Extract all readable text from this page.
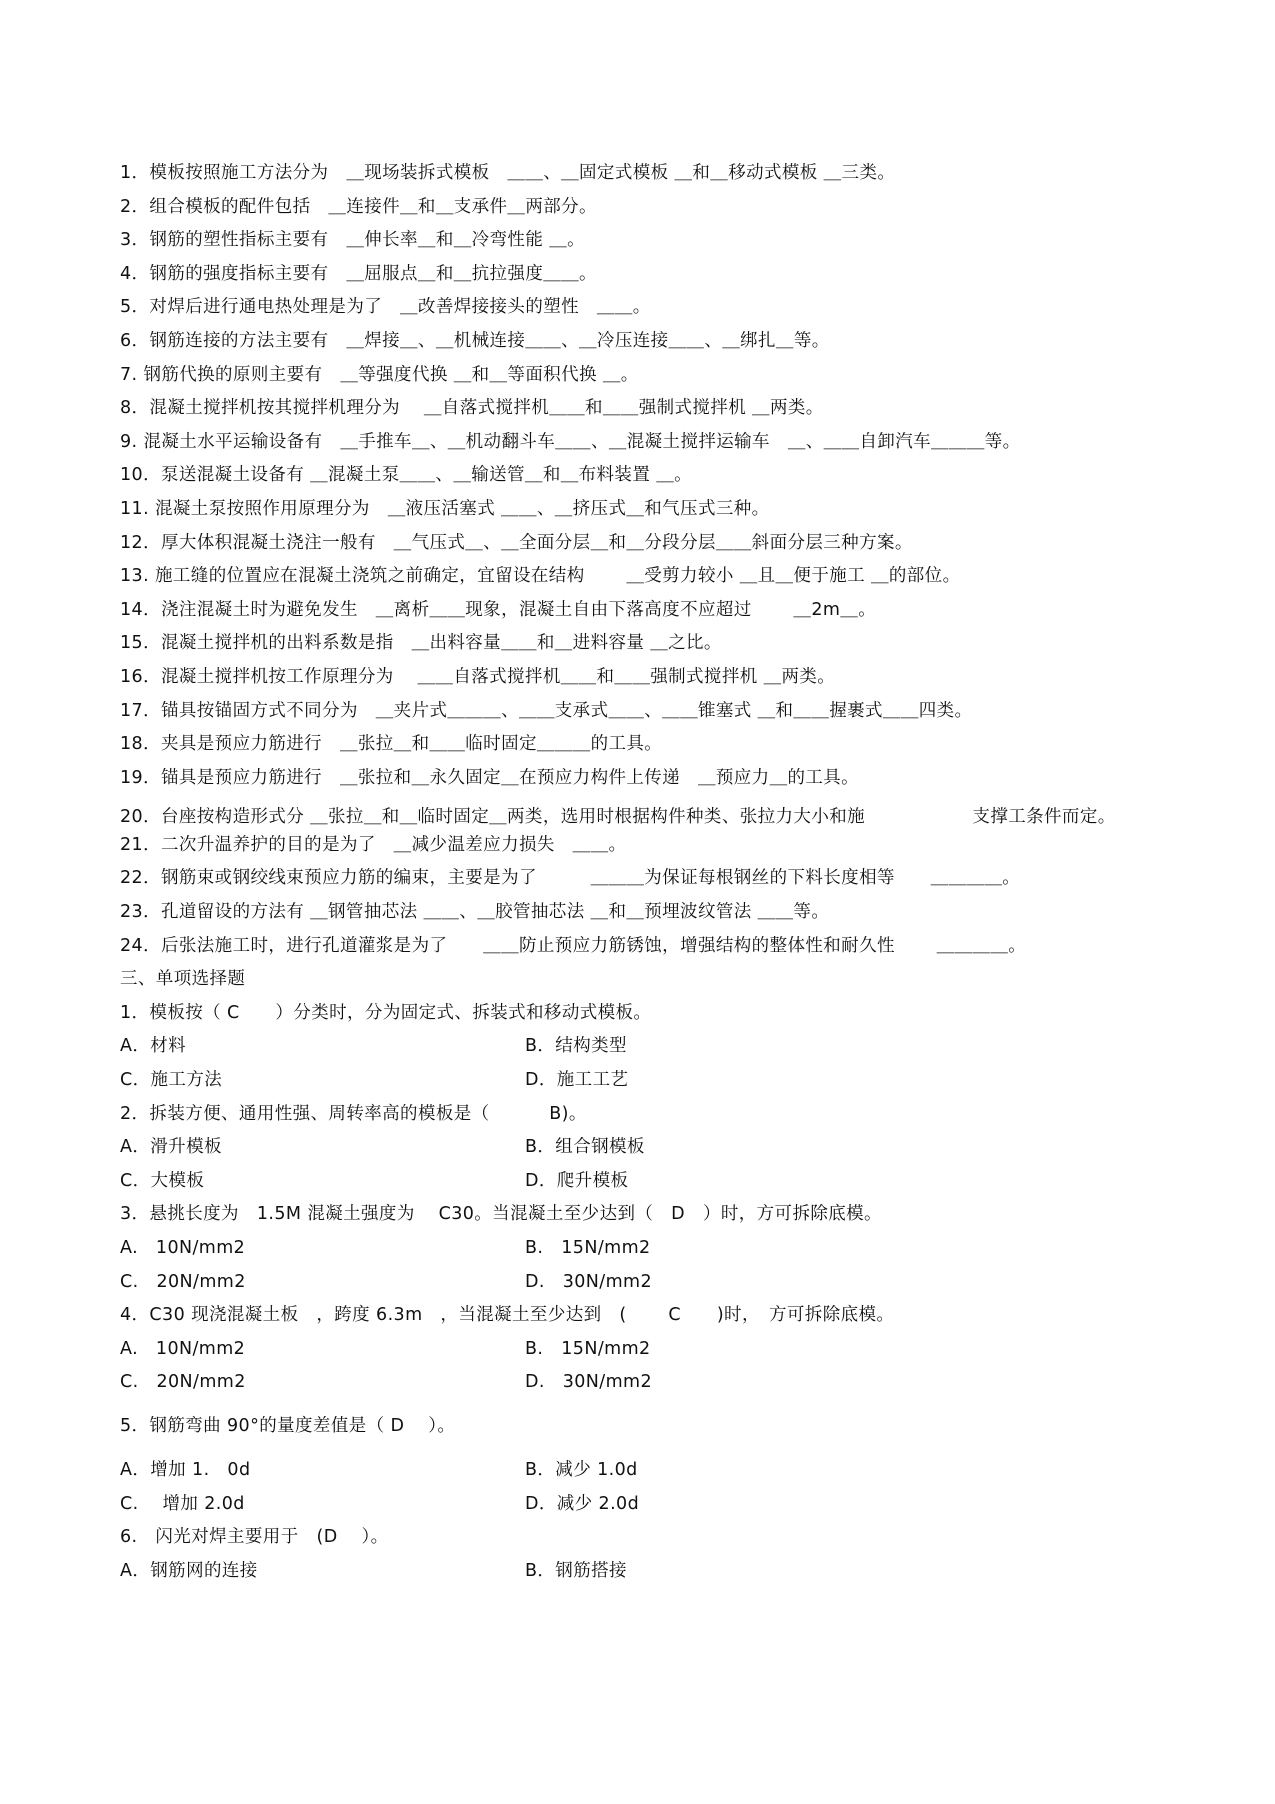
1．模板按照施工方法分为　＿现场装拆式模板　＿＿、＿固定式模板 ＿和＿移动式模板 ＿三类。
2．组合模板的配件包括　＿连接件＿和＿支承件＿两部分。
3．钢筋的塑性指标主要有　＿伸长率＿和＿冷弯性能 ＿。
4．钢筋的强度指标主要有　＿屈服点＿和＿抗拉强度＿＿。
5．对焊后进行通电热处理是为了　＿改善焊接接头的塑性　＿＿。
6．钢筋连接的方法主要有　＿焊接＿、＿机械连接＿＿、＿冷压连接＿＿、＿绑扎＿等。
7. 钢筋代换的原则主要有　＿等强度代换 ＿和＿等面积代换 ＿。
8．混凝土搅拌机按其搅拌机理分为　 ＿自落式搅拌机＿＿和＿＿强制式搅拌机 ＿两类。
9. 混凝土水平运输设备有　＿手推车＿、＿机动翻斗车＿＿、＿混凝土搅拌运输车　＿、＿＿自卸汽车＿＿＿等。
10．泵送混凝土设备有 ＿混凝土泵＿＿、＿输送管＿和＿布料装置 ＿。
11. 混凝土泵按照作用原理分为　＿液压活塞式 ＿＿、＿挤压式＿和气压式三种。
12．厚大体积混凝土浇注一般有　＿气压式＿、＿全面分层＿和＿分段分层＿＿斜面分层三种方案。
13. 施工缝的位置应在混凝土浇筑之前确定，宜留设在结构　　 ＿受剪力较小 ＿且＿便于施工 ＿的部位。
14．浇注混凝土时为避免发生　＿离析＿＿现象，混凝土自由下落高度不应超过　　 ＿2m＿。
15．混凝土搅拌机的出料系数是指　＿出料容量＿＿和＿进料容量 ＿之比。
16．混凝土搅拌机按工作原理分为　 ＿＿自落式搅拌机＿＿和＿＿强制式搅拌机 ＿两类。
17．锚具按锚固方式不同分为　＿夹片式＿＿＿、＿＿支承式＿＿、＿＿锥塞式 ＿和＿＿握裹式＿＿四类。
18．夹具是预应力筋进行　＿张拉＿和＿＿临时固定＿＿＿的工具。
19．锚具是预应力筋进行　＿张拉和＿永久固定＿在预应力构件上传递　＿预应力＿的工具。
20．台座按构造形式分 ＿张拉＿和＿临时固定＿两类，选用时根据构件种类、张拉力大小和施　　　　　　支撑工条件而定。
21．二次升温养护的目的是为了　＿减少温差应力损失　＿＿。
22．钢筋束或钢绞线束预应力筋的编束，主要是为了　　　＿＿＿为保证每根钢丝的下料长度相等　　＿＿＿＿。
23．孔道留设的方法有 ＿钢管抽芯法 ＿＿、＿胶管抽芯法 ＿和＿预埋波纹管法 ＿＿等。
24．后张法施工时，进行孔道灌浆是为了　　＿＿防止预应力筋锈蚀，增强结构的整体性和耐久性　　 ＿＿＿＿。
三、单项选择题
1．模板按（ C　　）分类时，分为固定式、拆装式和移动式模板。
A．材料	B．结构类型
C．施工方法	D．施工工艺
2．拆装方便、通用性强、周转率高的模板是（　　　 B)。
A．滑升模板	B．组合钢模板
C．大模板	D．爬升模板
3．悬挑长度为　1.5M 混凝土强度为　 C30。当混凝土至少达到（　D　）时，方可拆除底模。
A.　10N/mm2	B.　15N/mm2
C.　20N/mm2	D.　30N/mm2
4．C30 现浇混凝土板　，跨度 6.3m　，当混凝土至少达到　(　　 C　　)时，　方可拆除底模。
A.　10N/mm2	B.　15N/mm2
C.　20N/mm2	D.　30N/mm2
5．钢筋弯曲 90°的量度差值是（ D　 ）。
A．增加 1.　0d	B．减少 1.0d
C.　 增加 2.0d	D．减少 2.0d
6.　闪光对焊主要用于　(D　 ）。
A．钢筋网的连接	B．钢筋搭接
